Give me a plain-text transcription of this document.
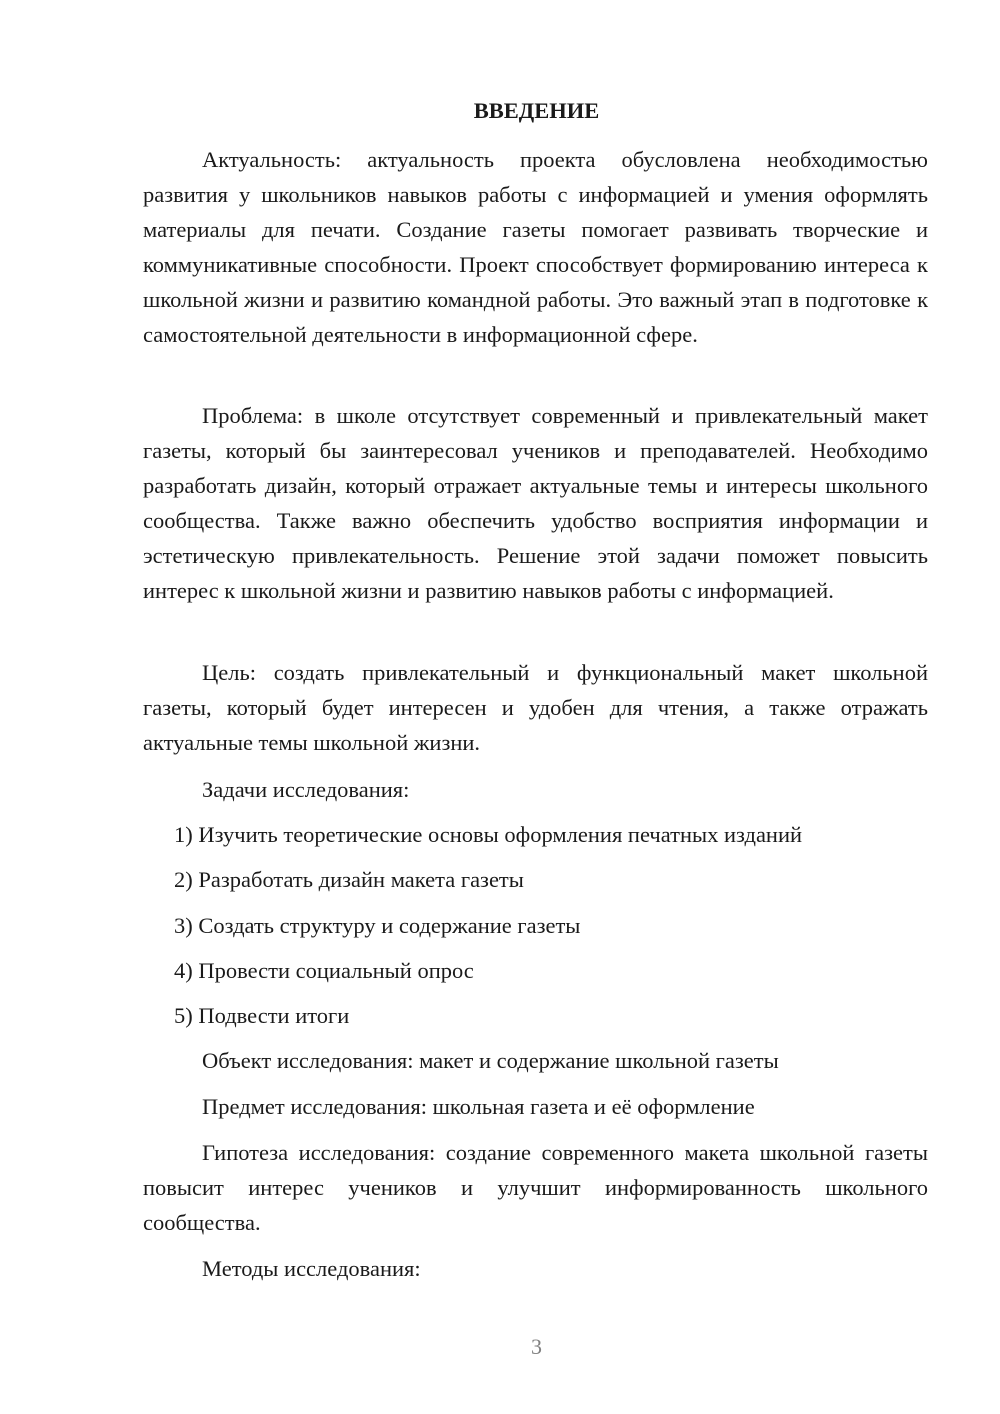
ВВЕДЕНИЕ

Актуальность: актуальность проекта обусловлена необходимостью развития у школьников навыков работы с информацией и умения оформлять материалы для печати. Создание газеты помогает развивать творческие и коммуникативные способности. Проект способствует формированию интереса к школьной жизни и развитию командной работы. Это важный этап в подготовке к самостоятельной деятельности в информационной сфере.

Проблема: в школе отсутствует современный и привлекательный макет газеты, который бы заинтересовал учеников и преподавателей. Необходимо разработать дизайн, который отражает актуальные темы и интересы школьного сообщества. Также важно обеспечить удобство восприятия информации и эстетическую привлекательность. Решение этой задачи поможет повысить интерес к школьной жизни и развитию навыков работы с информацией.

Цель: создать привлекательный и функциональный макет школьной газеты, который будет интересен и удобен для чтения, а также отражать актуальные темы школьной жизни.

Задачи исследования:
1) Изучить теоретические основы оформления печатных изданий
2) Разработать дизайн макета газеты
3) Создать структуру и содержание газеты
4) Провести социальный опрос
5) Подвести итоги
Объект исследования: макет и содержание школьной газеты
Предмет исследования: школьная газета и её оформление

Гипотеза исследования: создание современного макета школьной газеты повысит интерес учеников и улучшит информированность школьного сообщества.

Методы исследования:
3
